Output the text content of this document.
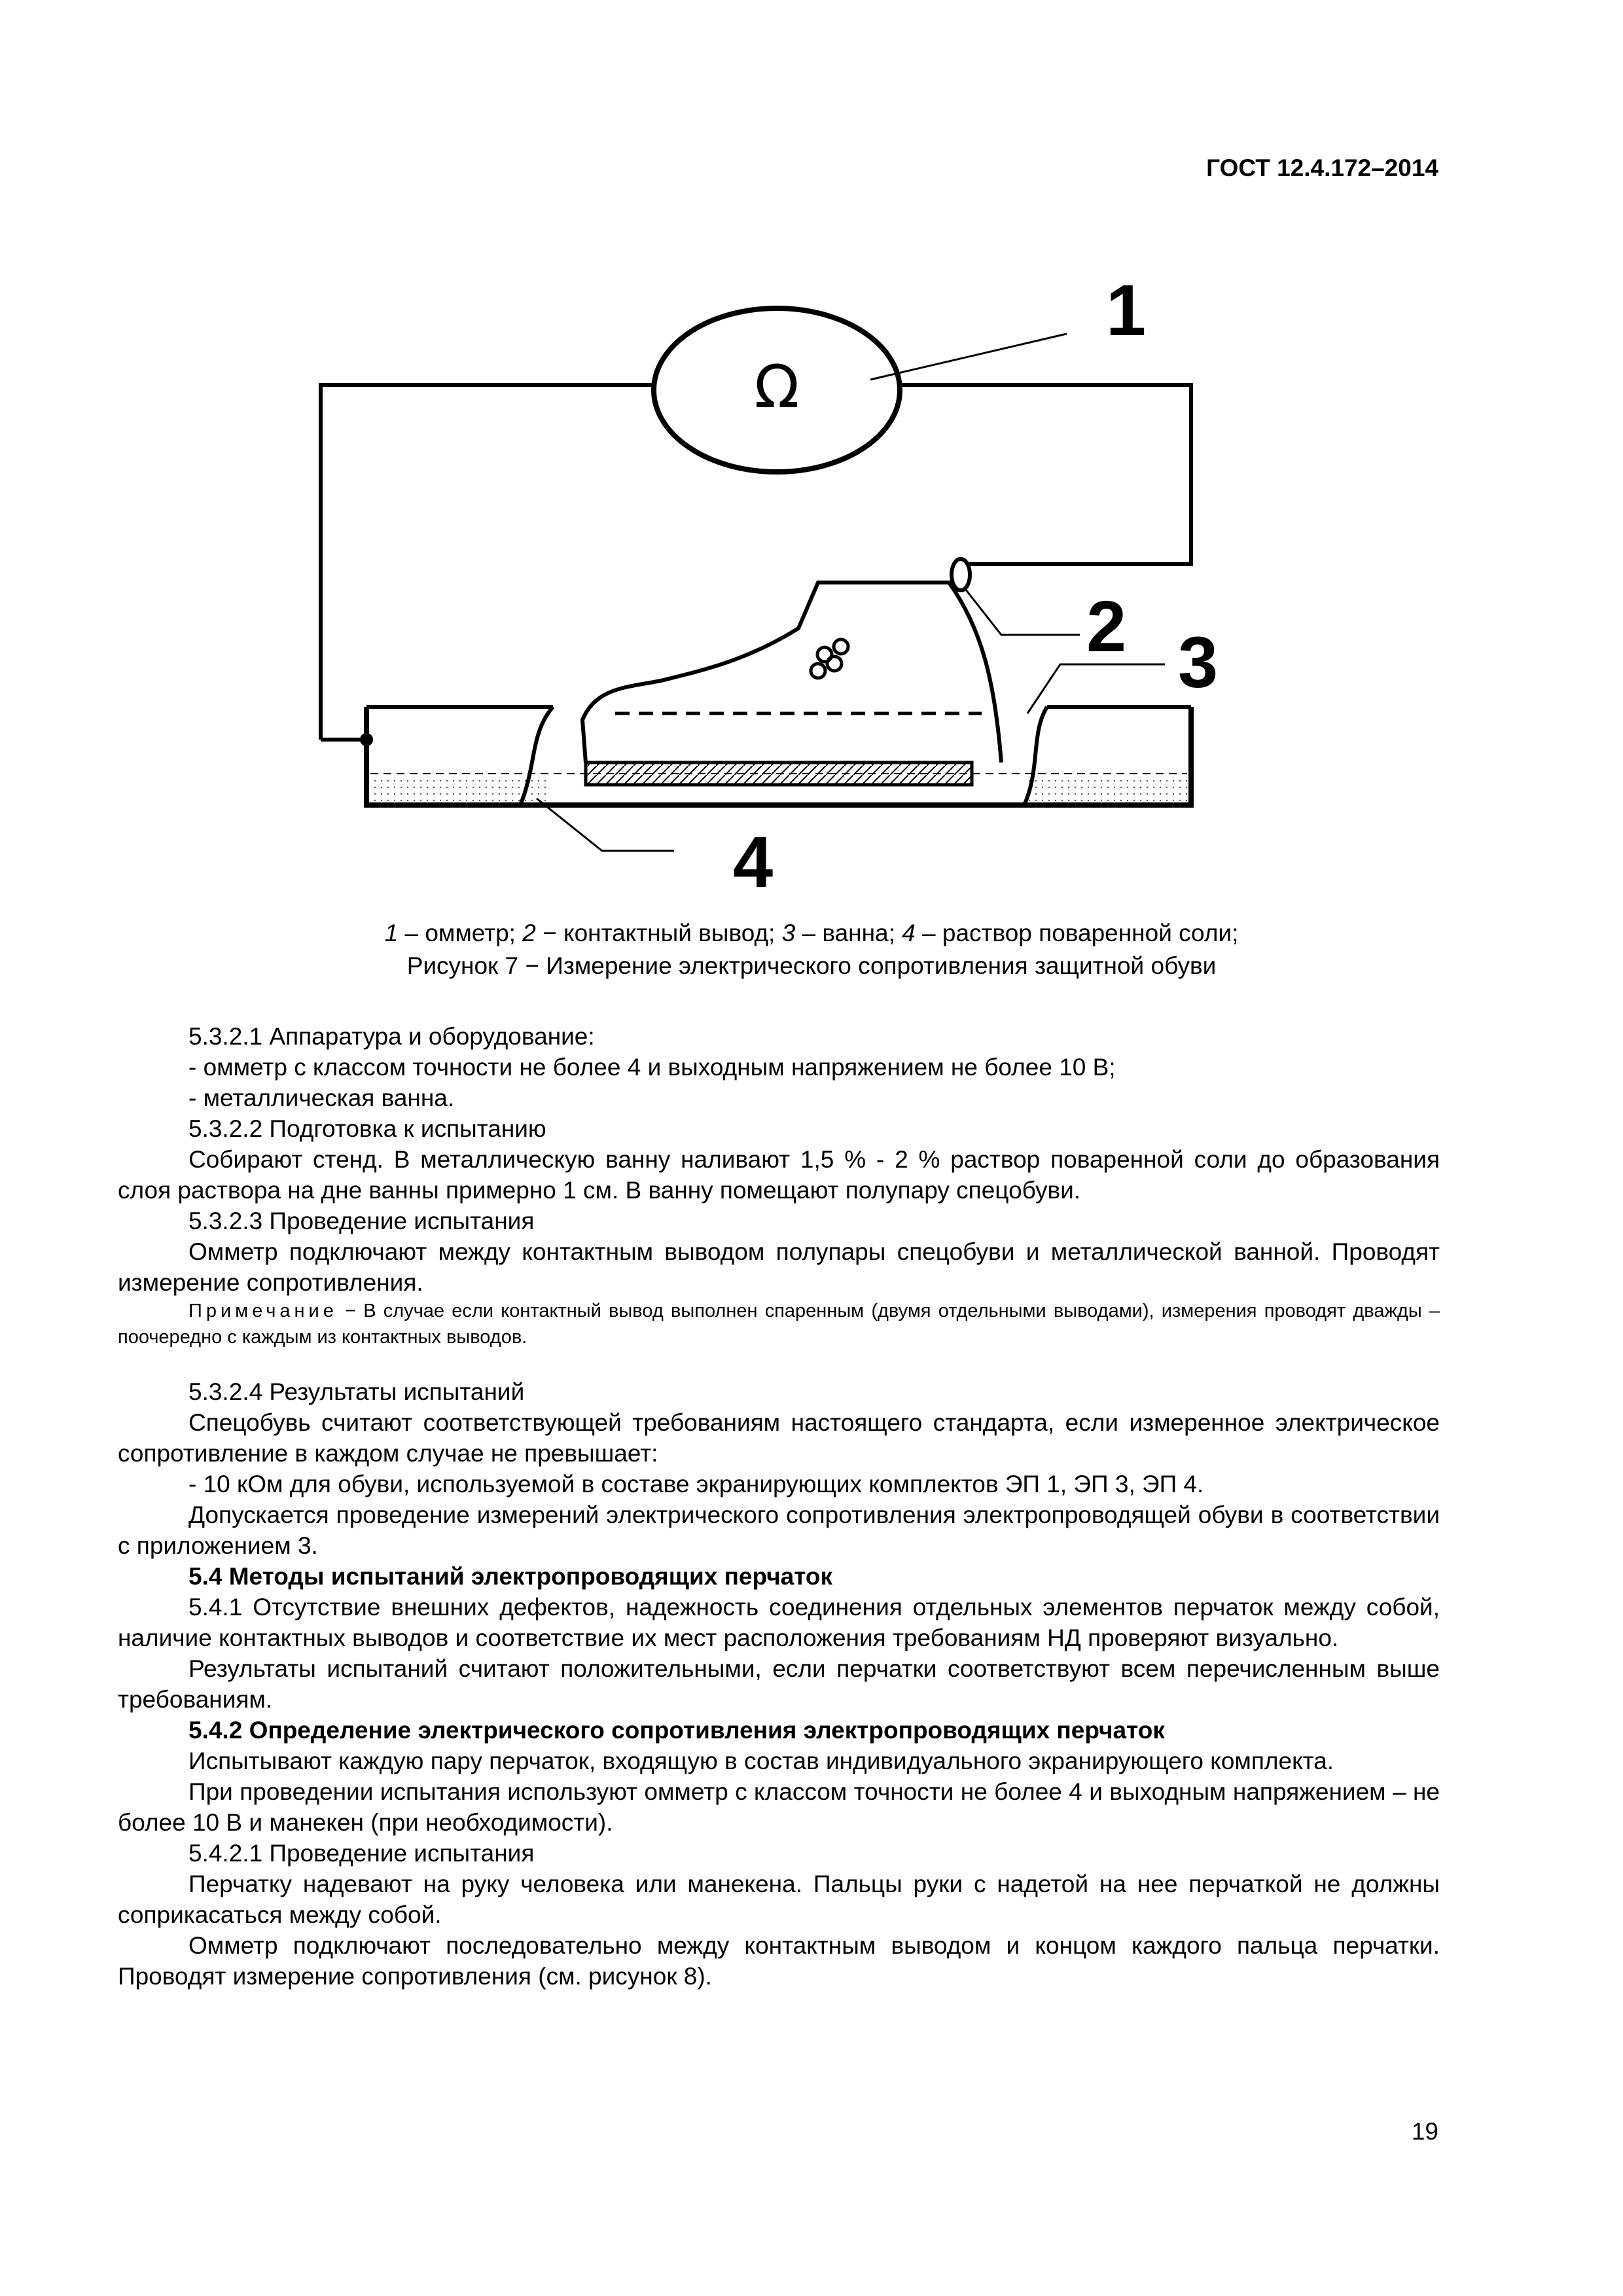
ГОСТ 12.4.172–2014
Ω
1
2 3
4
1 – омметр; 2 − контактный вывод; 3 – ванна; 4 – раствор поваренной соли;
Рисунок 7 − Измерение электрического сопротивления защитной обуви

5.3.2.1 Аппаратура и оборудование:

- омметр с классом точности не более 4 и выходным напряжением не более 10 В;

- металлическая ванна.

5.3.2.2 Подготовка к испытанию

Собирают стенд. В металлическую ванну наливают 1,5 % - 2 % раствор поваренной соли до образования слоя раствора на дне ванны примерно 1 см. В ванну помещают полупару спецобуви.

5.3.2.3 Проведение испытания

Омметр подключают между контактным выводом полупары спецобуви и металлической ванной. Проводят измерение сопротивления.

Примечание − В случае если контактный вывод выполнен спаренным (двумя отдельными выводами), измерения проводят дважды – поочередно с каждым из контактных выводов.

5.3.2.4 Результаты испытаний

Спецобувь считают соответствующей требованиям настоящего стандарта, если измеренное электрическое сопротивление в каждом случае не превышает:

- 10 кОм для обуви, используемой в составе экранирующих комплектов ЭП 1, ЭП 3, ЭП 4.

Допускается проведение измерений электрического сопротивления электропроводящей обуви в соответствии с приложением 3.

5.4 Методы испытаний электропроводящих перчаток

5.4.1 Отсутствие внешних дефектов, надежность соединения отдельных элементов перчаток между собой, наличие контактных выводов и соответствие их мест расположения требованиям НД проверяют визуально.

Результаты испытаний считают положительными, если перчатки соответствуют всем перечисленным выше требованиям.

5.4.2 Определение электрического сопротивления электропроводящих перчаток

Испытывают каждую пару перчаток, входящую в состав индивидуального экранирующего комплекта.

При проведении испытания используют омметр с классом точности не более 4 и выходным напряжением – не более 10 В и манекен (при необходимости).

5.4.2.1 Проведение испытания

Перчатку надевают на руку человека или манекена. Пальцы руки с надетой на нее перчаткой не должны соприкасаться между собой.

Омметр подключают последовательно между контактным выводом и концом каждого пальца перчатки. Проводят измерение сопротивления (см. рисунок 8).

19
